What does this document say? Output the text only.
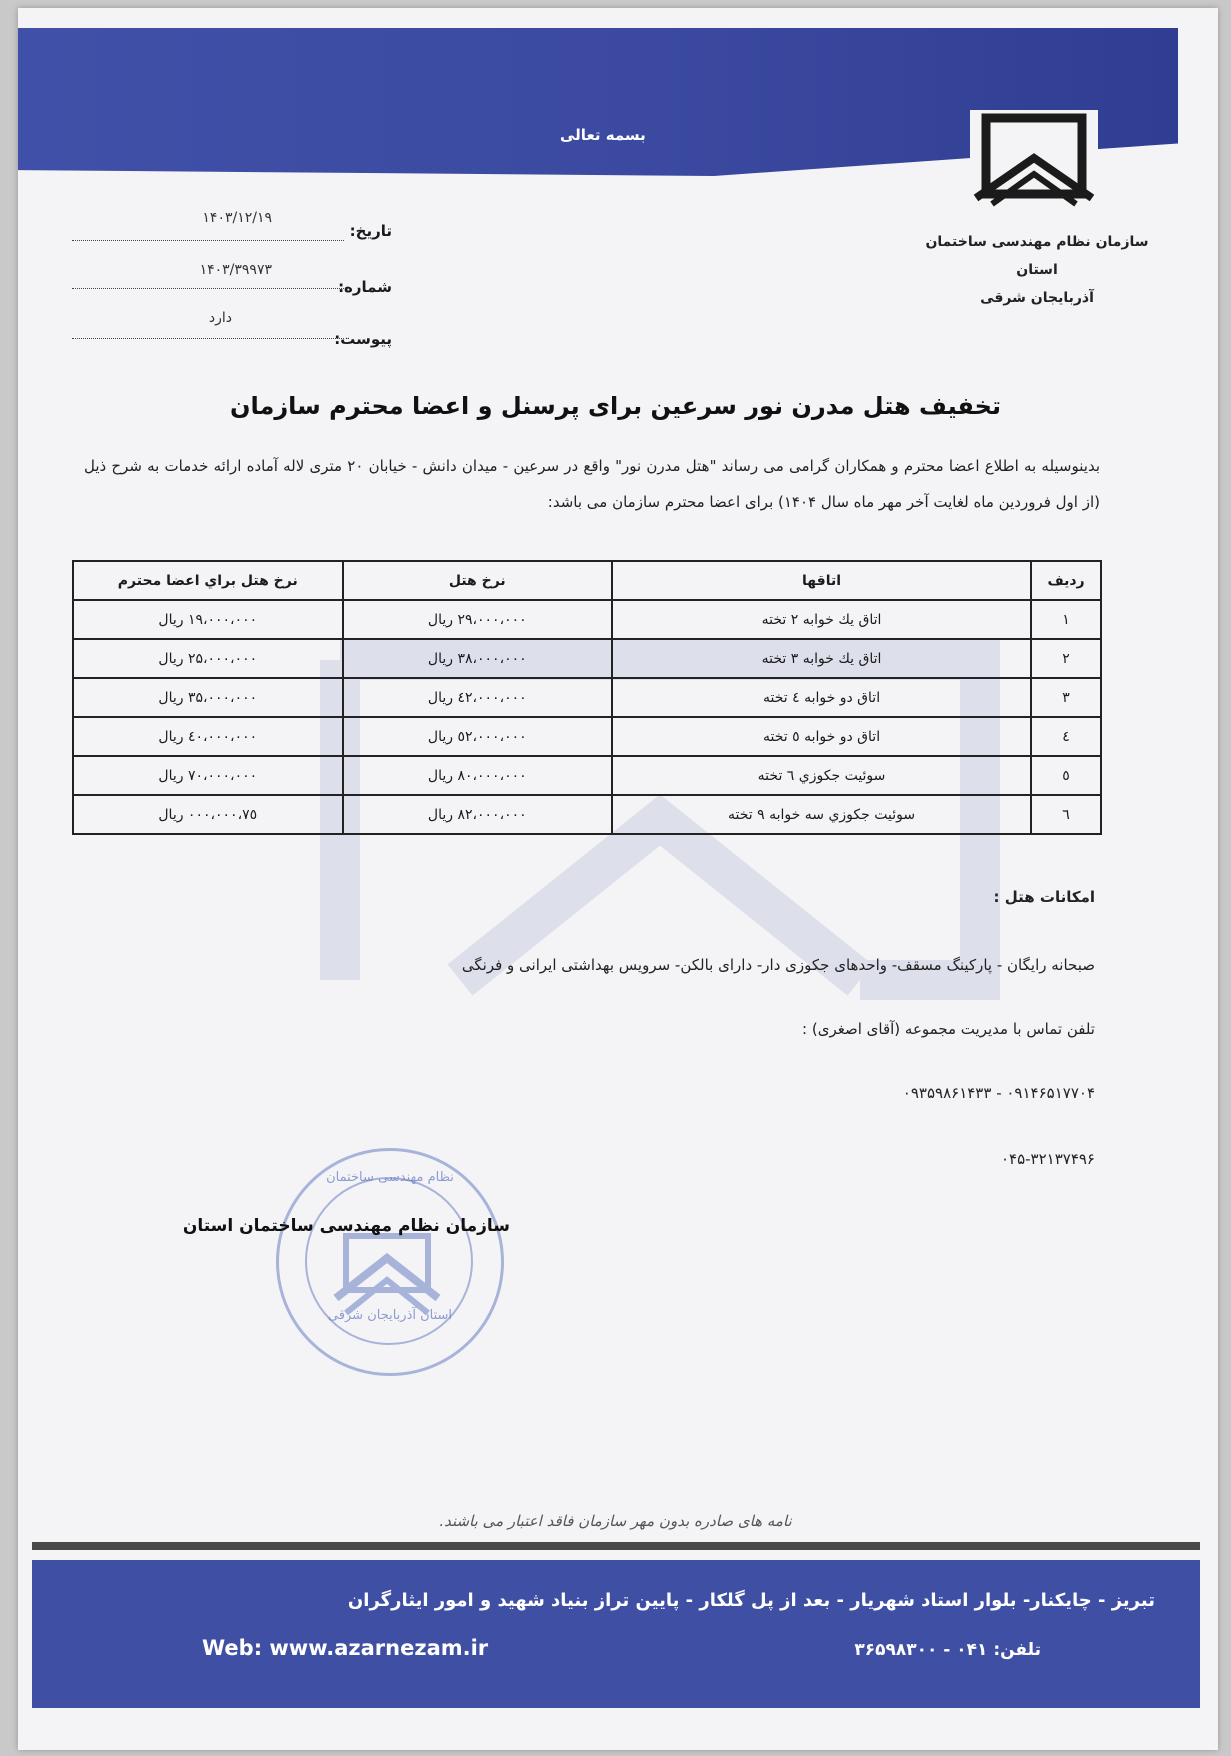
بسمه تعالی
سازمان نظام مهندسی ساختمان استان
آذربایجان شرقی
تاریخ:
۱۴۰۳/۱۲/۱۹
شماره:
۱۴۰۳/۳۹۹۷۳
پیوست:
دارد
تخفیف هتل مدرن نور سرعین برای پرسنل و اعضا محترم سازمان
بدینوسیله به اطلاع اعضا محترم و همکاران گرامی می رساند "هتل مدرن نور" واقع در سرعین - میدان دانش - خیابان ۲۰ متری لاله آماده ارائه خدمات به شرح ذیل (از اول فروردین ماه لغایت آخر مهر ماه سال ۱۴۰۴) برای اعضا محترم سازمان می باشد:
ردیف	اتاقها	نرخ هتل	نرخ هتل براي اعضا محترم
۱	اتاق يك خوابه ۲ تخته	۲۹،۰۰۰،۰۰۰ ریال	۱۹،۰۰۰،۰۰۰ ریال
۲	اتاق يك خوابه ۳ تخته	۳۸،۰۰۰،۰۰۰ ریال	۲۵،۰۰۰،۰۰۰ ریال
۳	اتاق دو خوابه ٤ تخته	٤۲،۰۰۰،۰۰۰ ریال	۳۵،۰۰۰،۰۰۰ ریال
٤	اتاق دو خوابه ٥ تخته	٥۲،۰۰۰،۰۰۰ ریال	٤۰،۰۰۰،۰۰۰ ریال
٥	سوئیت جكوزي ٦ تخته	۸۰،۰۰۰،۰۰۰ ریال	۷۰،۰۰۰،۰۰۰ ریال
٦	سوئیت جكوزي سه خوابه ۹ تخته	۸۲،۰۰۰،۰۰۰ ریال	۷٥،۰۰۰،۰۰۰ ریال
امکانات هتل :
صبحانه رایگان - پارکینگ مسقف- واحدهای جکوزی دار- دارای بالکن- سرویس بهداشتی ایرانی و فرنگی
تلفن تماس با مدیریت مجموعه (آقای اصغری) :
۰۹۱۴۶۵۱۷۷۰۴ - ۰۹۳۵۹۸۶۱۴۳۳
۰۴۵-۳۲۱۳۷۴۹۶
نظام مهندسی ساختمان
استان آذربایجان شرقی
سازمان نظام مهندسی ساختمان استان
نامه های صادره بدون مهر سازمان فاقد اعتبار می باشند.
تبریز - چایکنار- بلوار استاد شهریار - بعد از پل گلکار - پایین تراز بنیاد شهید و امور ایثارگران
Web: www.azarnezam.ir	تلفن: ۰۴۱ - ۳۶۵۹۸۳۰۰
